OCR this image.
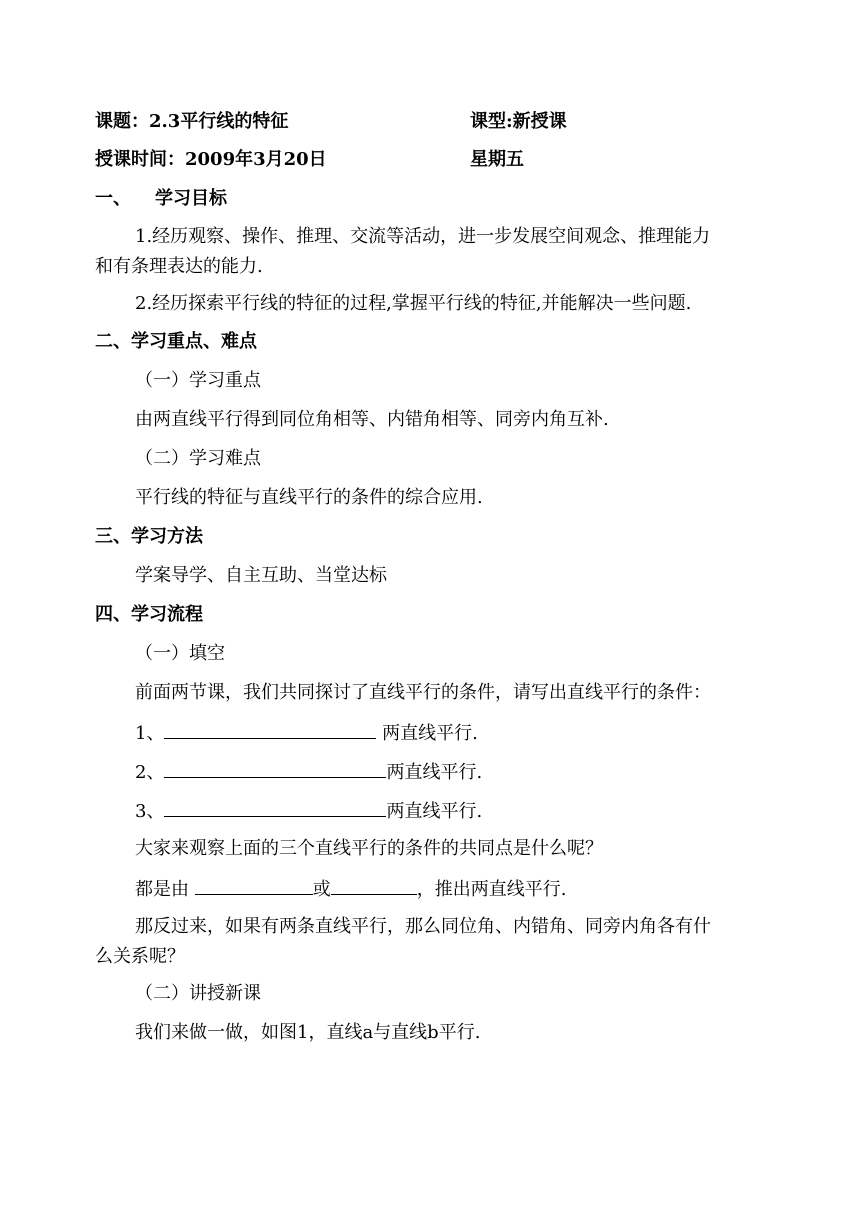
课题：2.3平行线的特征	课型:新授课
授课时间：2009年3月20日	星期五
一、 学习目标
1.经历观察、操作、推理、交流等活动，进一步发展空间观念、推理能力
和有条理表达的能力.
2.经历探索平行线的特征的过程,掌握平行线的特征,并能解决一些问题.
二、学习重点、难点
（一）学习重点
由两直线平行得到同位角相等、内错角相等、同旁内角互补.
（二）学习难点
平行线的特征与直线平行的条件的综合应用.
三、学习方法
学案导学、自主互助、当堂达标
四、学习流程
（一）填空
前面两节课，我们共同探讨了直线平行的条件，请写出直线平行的条件：
1、	两直线平行.
2、	两直线平行.
3、	两直线平行.
大家来观察上面的三个直线平行的条件的共同点是什么呢？
都是由	或	，推出两直线平行.
那反过来，如果有两条直线平行，那么同位角、内错角、同旁内角各有什
么关系呢？
（二）讲授新课
我们来做一做，如图1，直线a与直线b平行.
